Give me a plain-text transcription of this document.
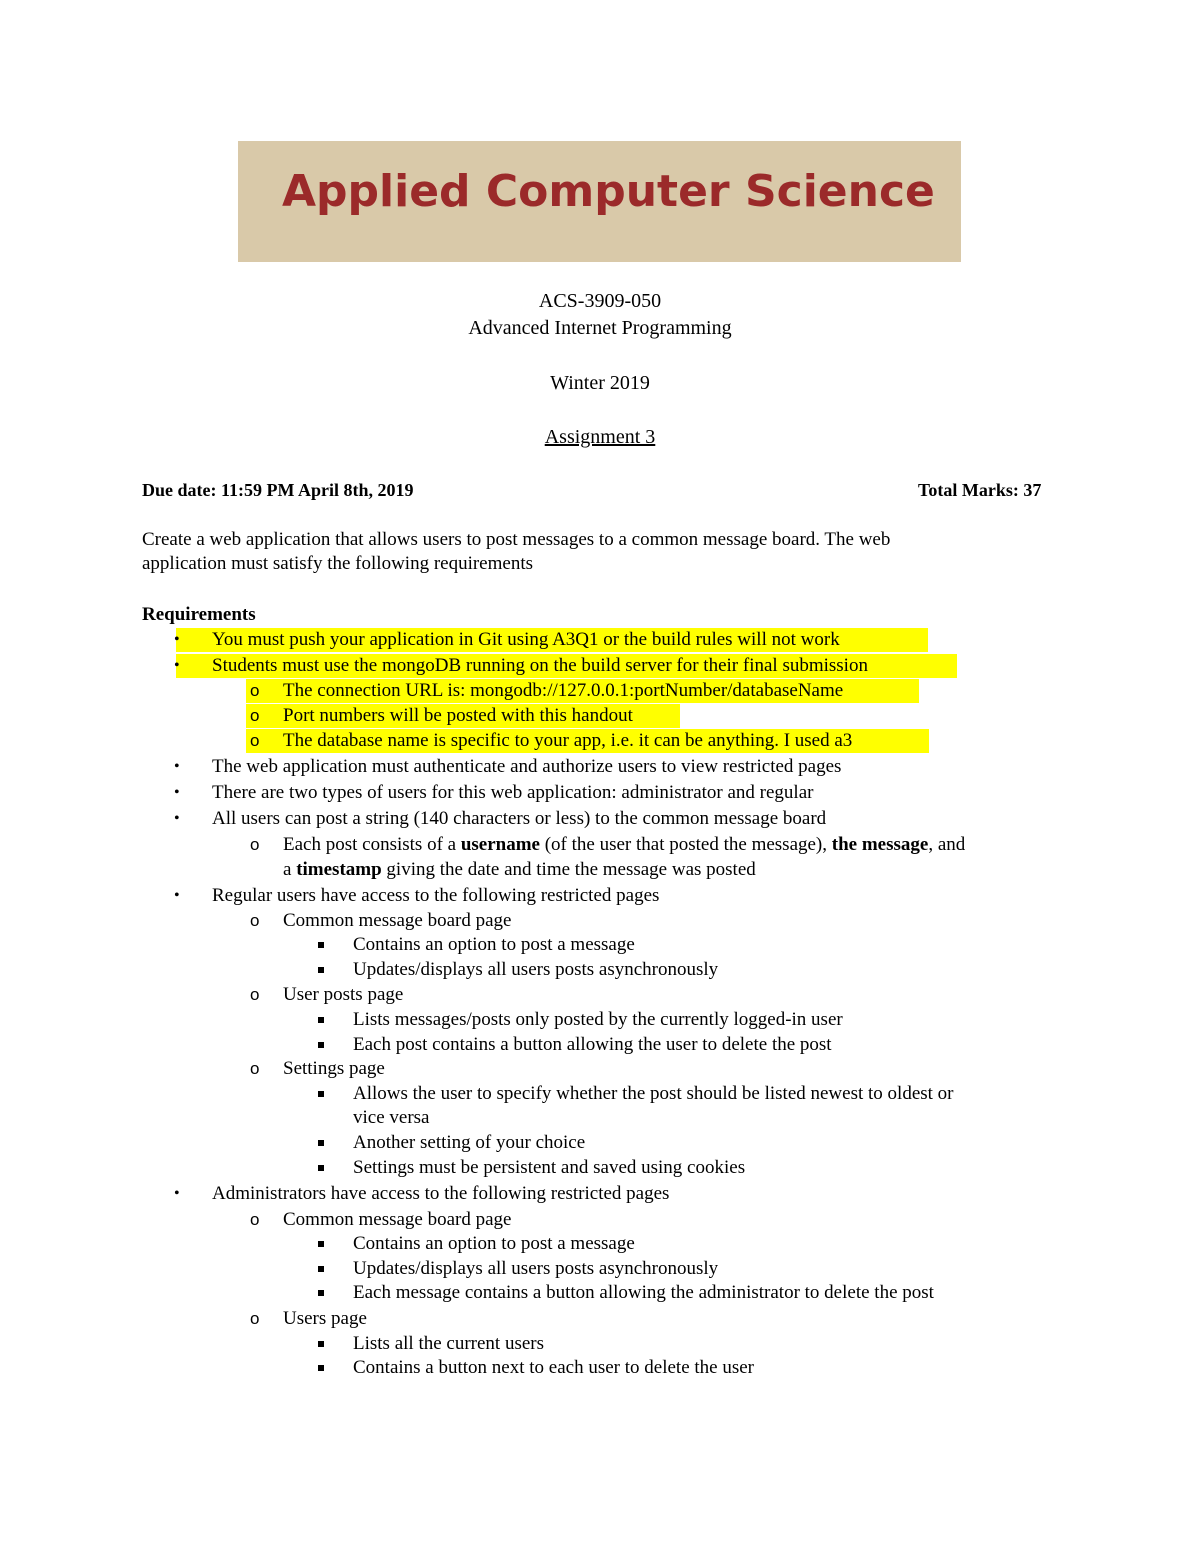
Applied Computer Science
ACS-3909-050
Advanced Internet Programming
Winter 2019
Assignment 3
Due date: 11:59 PM April 8th, 2019	Total Marks: 37
Create a web application that allows users to post messages to a common message board. The web
application must satisfy the following requirements
Requirements
• You must push your application in Git using A3Q1 or the build rules will not work
• Students must use the mongoDB running on the build server for their final submission
o The connection URL is: mongodb://127.0.0.1:portNumber/databaseName
o Port numbers will be posted with this handout
o The database name is specific to your app, i.e. it can be anything. I used a3
• The web application must authenticate and authorize users to view restricted pages
• There are two types of users for this web application: administrator and regular
• All users can post a string (140 characters or less) to the common message board
o Each post consists of a username (of the user that posted the message), the message, and
a timestamp giving the date and time the message was posted
• Regular users have access to the following restricted pages
o Common message board page
Contains an option to post a message
Updates/displays all users posts asynchronously
o User posts page
Lists messages/posts only posted by the currently logged-in user
Each post contains a button allowing the user to delete the post
o Settings page
Allows the user to specify whether the post should be listed newest to oldest or
vice versa
Another setting of your choice
Settings must be persistent and saved using cookies
• Administrators have access to the following restricted pages
o Common message board page
Contains an option to post a message
Updates/displays all users posts asynchronously
Each message contains a button allowing the administrator to delete the post
o Users page
Lists all the current users
Contains a button next to each user to delete the user
